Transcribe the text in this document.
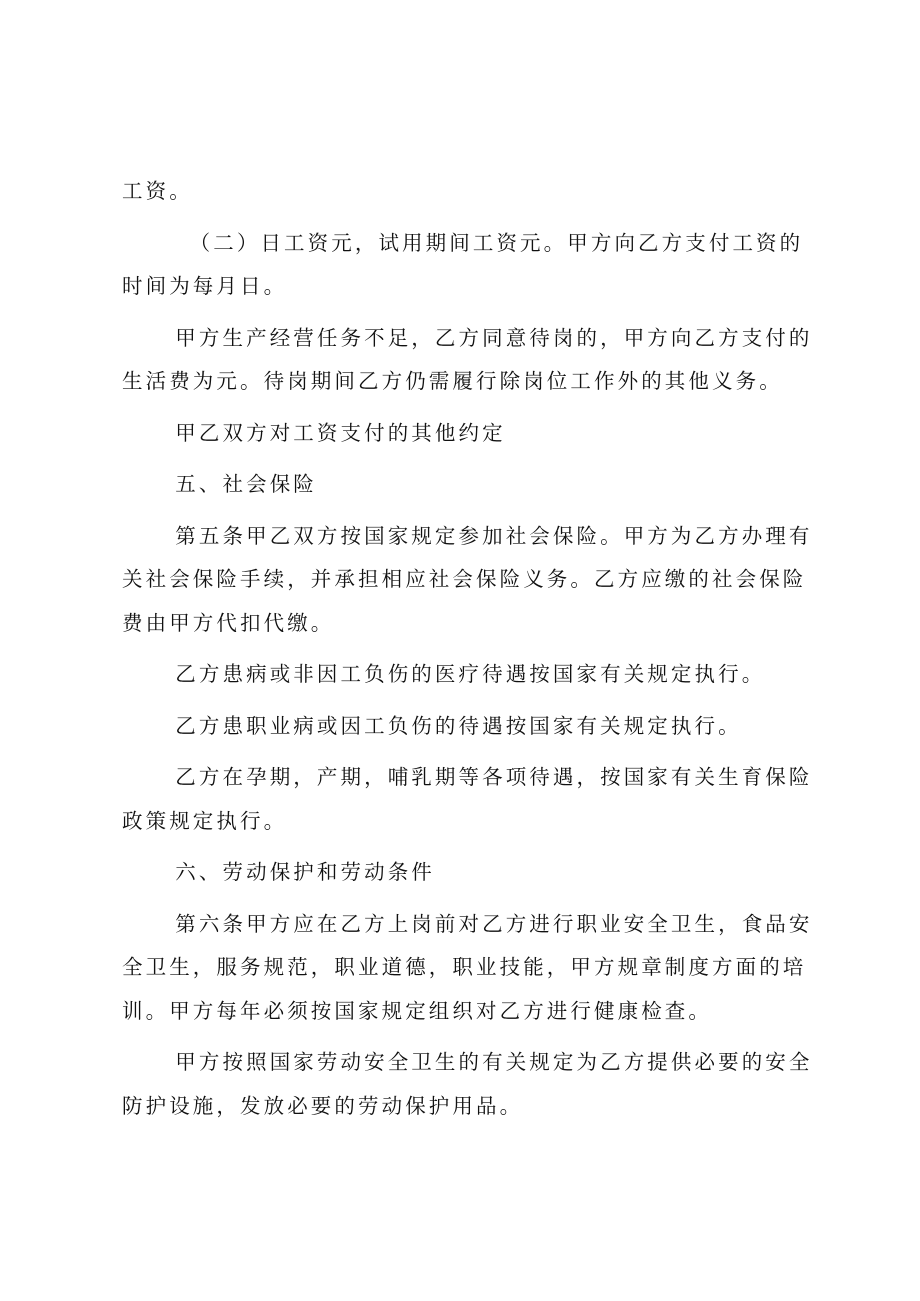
工资。

（二）日工资元，试用期间工资元。甲方向乙方支付工资的时间为每月日。

甲方生产经营任务不足，乙方同意待岗的，甲方向乙方支付的生活费为元。待岗期间乙方仍需履行除岗位工作外的其他义务。

甲乙双方对工资支付的其他约定

五、社会保险

第五条甲乙双方按国家规定参加社会保险。甲方为乙方办理有关社会保险手续，并承担相应社会保险义务。乙方应缴的社会保险费由甲方代扣代缴。

乙方患病或非因工负伤的医疗待遇按国家有关规定执行。

乙方患职业病或因工负伤的待遇按国家有关规定执行。

乙方在孕期，产期，哺乳期等各项待遇，按国家有关生育保险政策规定执行。

六、劳动保护和劳动条件

第六条甲方应在乙方上岗前对乙方进行职业安全卫生，食品安全卫生，服务规范，职业道德，职业技能，甲方规章制度方面的培训。甲方每年必须按国家规定组织对乙方进行健康检查。

甲方按照国家劳动安全卫生的有关规定为乙方提供必要的安全防护设施，发放必要的劳动保护用品。
